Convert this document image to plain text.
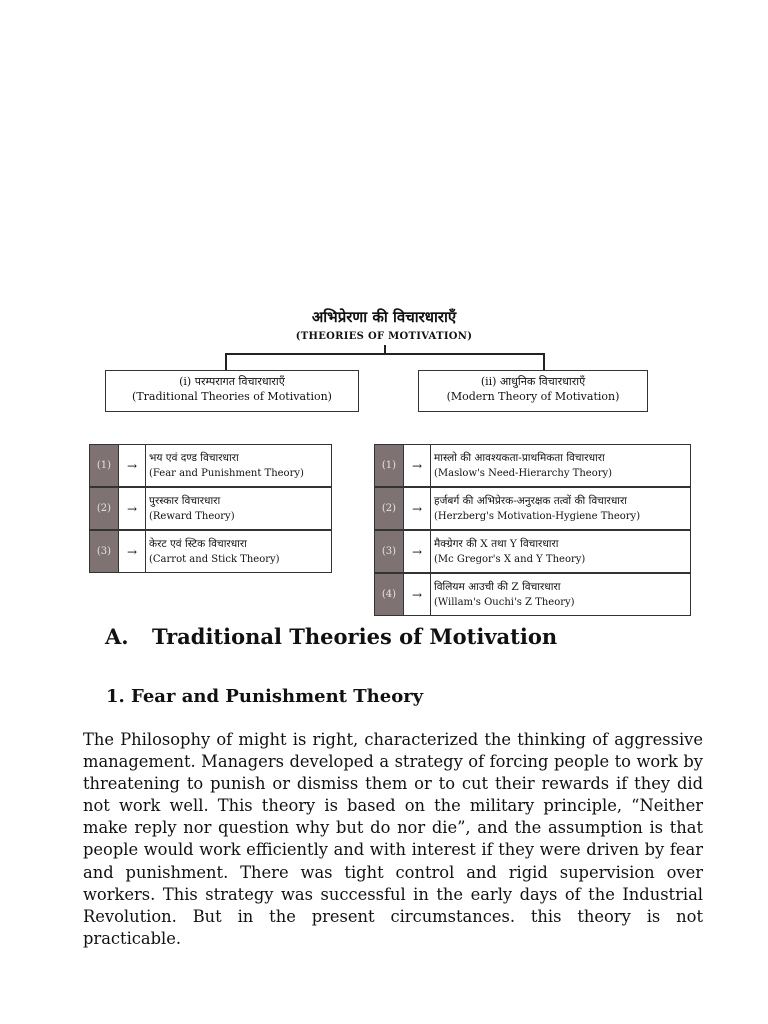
अभिप्रेरणा की विचारधाराएँ
(THEORIES OF MOTIVATION)
(i) परम्परागत विचारधाराएँ
(Traditional Theories of Motivation)
(ii) आधुनिक विचारधाराएँ
(Modern Theory of Motivation)
(1)	→
भय एवं दण्ड विचारधारा
(Fear and Punishment Theory)
(2)	→
पुरस्कार विचारधारा
(Reward Theory)
(3)	→
केरट एवं स्टिक विचारधारा
(Carrot and Stick Theory)
(1)	→
मास्लो की आवश्यकता-प्राथमिकता विचारधारा
(Maslow's Need-Hierarchy Theory)
(2)	→
हर्जबर्ग की अभिप्रेरक-अनुरक्षक तत्वों की विचारधारा
(Herzberg's Motivation-Hygiene Theory)
(3)	→
मैक्ग्रेगर की X तथा Y विचारधारा
(Mc Gregor's X and Y Theory)
(4)	→
विलियम आउची की Z विचारधारा
(Willam's Ouchi's Z Theory)
A. Traditional Theories of Motivation
1. Fear and Punishment Theory

The Philosophy of might is right, characterized the thinking of aggressive management. Managers developed a strategy of forcing people to work by threatening to punish or dismiss them or to cut their rewards if they did not work well. This theory is based on the military principle, “Neither make reply nor question why but do nor die”, and the assumption is that people would work efficiently and with interest if they were driven by fear and punishment. There was tight control and rigid supervision over workers. This strategy was successful in the early days of the Industrial Revolution. But in the present circumstances. this theory is not practicable.
